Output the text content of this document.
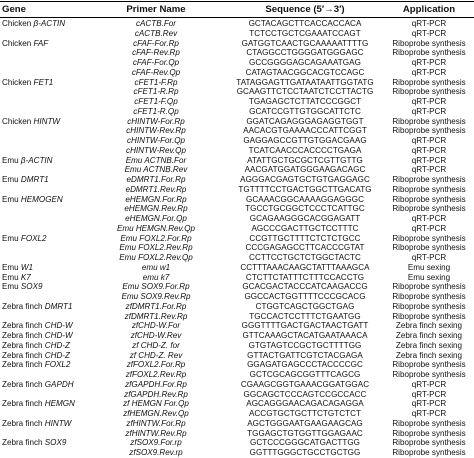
Gene	Primer Name	Sequence (5′→3′)	Application
Chicken β-ACTIN	cACTB.For	GCTACAGCTTCACCACCACA	qRT-PCR
cACTB.Rev	TCTCCTGCTCGAAATCCAGT	qRT-PCR
Chicken FAF	cFAF-For.Rp	GATGGTCAACTGCAAAAATTTTG	Riboprobe synthesis
cFAF-Rev.Rp	CTAGGCCTGGGGATGGGAGC	Riboprobe synthesis
cFAF-For.Qp	GCCGGGGAGCAGAAATGAG	qRT-PCR
cFAF-Rev.Qp	CATAGTAACGGCACGTCCAGC	qRT-PCR
Chicken FET1	cFET1-F.Rp	TATAGGAGTTGATAATAATTGGTATG	Riboprobe synthesis
cFET1-R.Rp	GCAAGTTCTCCTAATCTCCTTACTG	Riboprobe synthesis
cFET1-F.Qp	TGAGAGCTCTTATCCCGGCT	qRT-PCR
cFET1-R.Qp	GCATCCGTTGTGGCATTCTC	qRT-PCR
Chicken HINTW	cHINTW-For.Rp	GGATCAGAGGGAGAGGTGGT	Riboprobe synthesis
cHINTW-Rev.Rp	AACACGTGAAAACCCATTCGGT	Riboprobe synthesis
cHINTW-For.Qp	GAGGAGCCGTTGTGGACGAAG	qRT-PCR
cHINTW-Rev.Qp	TCATCAACCCACCCCTGAGA	qRT-PCR
Emu β-ACTIN	Emu ACTNB.For	ATATTGCTGCGCTCGTTGTTG	qRT-PCR
Emu ACTNB.Rev	AACGATGGATGGGAAGACAGC	qRT-PCR
Emu DMRT1	eDMRT1.For.Rp	AGGGACGAGTGCTGTGAGGAGC	Riboprobe synthesis
eDMRT1.Rev.Rp	TGTTTTCCTGACTGGCTTGACATG	Riboprobe synthesis
Emu HEMOGEN	eHEMGN.For.Rp	GCAAACGGCAAAAGGAGGGC	Riboprobe synthesis
eHEMGN.Rev.Rp	TGCCTGCGGCTCCCTCATTGC	Riboprobe synthesis
eHEMGN.For.Qp	GCAGAAGGGCACGGAGATT	qRT-PCR
Emu HEMGN.Rev.Qp	AGCCCGACTTGCTCCTTTC	qRT-PCR
Emu FOXL2	Emu FOXL2.For.Rp	CCGTTGCTTTTCTCTCTGCC	Riboprobe synthesis
Emu FOXL2.Rev.Rp	CCCGAGAGCCTTCACCCGTAT	Riboprobe synthesis
Emu FOXL2.Rev.Qp	CCTTCCTGCTCTGGCTACTC	qRT-PCR
Emu W1	emu w1	CCTTTAAACAAGCTATTTAAAGCA	Emu sexing
Emu K7	emu k7	CTCTTCTATTTCTTTCCACCTG	Emu sexing
Emu SOX9	Emu SOX9.For.Rp	GCACGACTACCCATCAAGACCG	Riboprobe synthesis
Emu SOX9.Rev.Rp	GGCCACTGGTTTTCCCGCACG	Riboprobe synthesis
Zebra finch DMRT1	zfDMRT1.For.Rp	CTGGTCAGCTGGCTGAG	Riboprobe synthesis
zfDMRT1.Rev.Rp	TGCCACTCCTTTCTGAATGG	Riboprobe synthesis
Zebra finch CHD-W	zfCHD-W.For	GGGTTTTGACTGACTAACTGATT	Zebra finch sexing
Zebra finch CHD-W	zfCHD-W.Rev	GTTCAAAGCTACATGAATAAACA	Zebra finch sexing
Zebra finch CHD-Z	zf CHD-Z. for	GTGTAGTCCGCTGCTTTTGG	Zebra finch sexing
Zebra finch CHD-Z	zf CHD-Z. Rev	GTTACTGATTCGTCTACGAGA	Zebra finch sexing
Zebra finch FOXL2	zfFOXL2.For.Rp	GGAGATGAGCCCTACCCCGC	Riboprobe synthesis
zfFOXL2.Rev.Rp	GCTCGCAGCGGTTTCAGCG	Riboprobe synthesis
Zebra finch GAPDH	zfGAPDH.For.Rp	CGAAGCGGTGAAACGGATGGAC	qRT-PCR
zfGAPDH.Rev.Rp	GGCAGCTCCCAGTCCGCCACC	qRT-PCR
Zebra finch HEMGN	zf HEMGN For.Qp	AGCAGGGAACAGACAGAGGA	qRT-PCR
zfHEMGN.Rev.Qp	ACCGTGCTGCTTCTGTCTCT	qRT-PCR
Zebra finch HINTW	zfHINTW.For.Rp	AGCTGGGAATGAAGAAGCAG	Riboprobe synthesis
zfHINTW.Rev.Rp	TGGAGCTGTGGTTGGAGAAC	Riboprobe synthesis
Zebra finch SOX9	zfSOX9.For.rp	GCTCCCGGGCATGACTTGG	Riboprobe synthesis
zfSOX9.Rev.rp	GGTTTGGGCTGCCTGCTGG	Riboprobe synthesis
